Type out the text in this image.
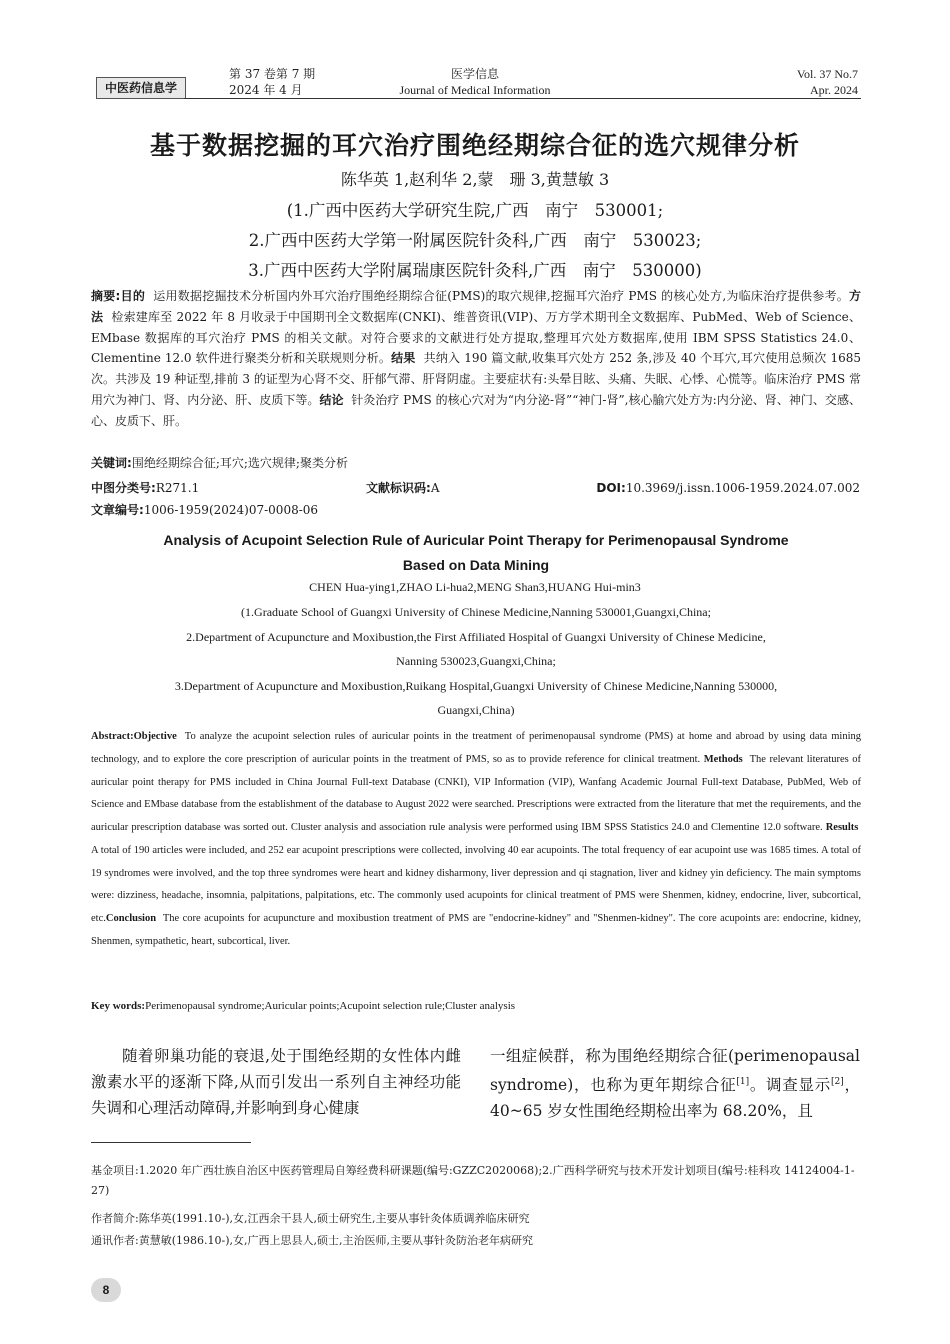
中医药信息学
第 37 卷第 7 期
2024 年 4 月
医学信息
Journal of Medical Information
Vol. 37 No.7
Apr. 2024
基于数据挖掘的耳穴治疗围绝经期综合征的选穴规律分析
陈华英 1,赵利华 2,蒙　珊 3,黄慧敏 3
(1.广西中医药大学研究生院,广西　南宁　530001;
2.广西中医药大学第一附属医院针灸科,广西　南宁　530023;
3.广西中医药大学附属瑞康医院针灸科,广西　南宁　530000)
摘要:目的 运用数据挖掘技术分析国内外耳穴治疗围绝经期综合征(PMS)的取穴规律,挖掘耳穴治疗 PMS 的核心处方,为临床治疗提供参考。方法 检索建库至 2022 年 8 月收录于中国期刊全文数据库(CNKI)、维普资讯(VIP)、万方学术期刊全文数据库、PubMed、Web of Science、EMbase 数据库的耳穴治疗 PMS 的相关文献。对符合要求的文献进行处方提取,整理耳穴处方数据库,使用 IBM SPSS Statistics 24.0、Clementine 12.0 软件进行聚类分析和关联规则分析。结果 共纳入 190 篇文献,收集耳穴处方 252 条,涉及 40 个耳穴,耳穴使用总频次 1685 次。共涉及 19 种证型,排前 3 的证型为心肾不交、肝郁气滞、肝肾阴虚。主要症状有:头晕目眩、头痛、失眠、心悸、心慌等。临床治疗 PMS 常用穴为神门、肾、内分泌、肝、皮质下等。结论 针灸治疗 PMS 的核心穴对为“内分泌-肾”“神门-肾”,核心腧穴处方为:内分泌、肾、神门、交感、心、皮质下、肝。
关键词:围绝经期综合征;耳穴;选穴规律;聚类分析
中图分类号:R271.1	文献标识码:A	DOI:10.3969/j.issn.1006-1959.2024.07.002
文章编号:1006-1959(2024)07-0008-06
Analysis of Acupoint Selection Rule of Auricular Point Therapy for Perimenopausal Syndrome
Based on Data Mining
CHEN Hua-ying1,ZHAO Li-hua2,MENG Shan3,HUANG Hui-min3
(1.Graduate School of Guangxi University of Chinese Medicine,Nanning 530001,Guangxi,China;
2.Department of Acupuncture and Moxibustion,the First Affiliated Hospital of Guangxi University of Chinese Medicine,
Nanning 530023,Guangxi,China;
3.Department of Acupuncture and Moxibustion,Ruikang Hospital,Guangxi University of Chinese Medicine,Nanning 530000,
Guangxi,China)
Abstract:Objective To analyze the acupoint selection rules of auricular points in the treatment of perimenopausal syndrome (PMS) at home and abroad by using data mining technology, and to explore the core prescription of auricular points in the treatment of PMS, so as to provide reference for clinical treatment. Methods The relevant literatures of auricular point therapy for PMS included in China Journal Full-text Database (CNKI), VIP Information (VIP), Wanfang Academic Journal Full-text Database, PubMed, Web of Science and EMbase database from the establishment of the database to August 2022 were searched. Prescriptions were extracted from the literature that met the requirements, and the auricular prescription database was sorted out. Cluster analysis and association rule analysis were performed using IBM SPSS Statistics 24.0 and Clementine 12.0 software. Results  A total of 190 articles were included, and 252 ear acupoint prescriptions were collected, involving 40 ear acupoints. The total frequency of ear acupoint use was 1685 times. A total of 19 syndromes were involved, and the top three syndromes were heart and kidney disharmony, liver depression and qi stagnation, liver and kidney yin deficiency. The main symptoms were: dizziness, headache, insomnia, palpitations, palpitations, etc. The commonly used acupoints for clinical treatment of PMS were Shenmen, kidney, endocrine, liver, subcortical, etc.Conclusion The core acupoints for acupuncture and moxibustion treatment of PMS are "endocrine-kidney" and "Shenmen-kidney". The core acupoints are: endocrine, kidney, Shenmen, sympathetic, heart, subcortical, liver.
Key words:Perimenopausal syndrome;Auricular points;Acupoint selection rule;Cluster analysis
随着卵巢功能的衰退,处于围绝经期的女性体内雌激素水平的逐渐下降,从而引发出一系列自主神经功能失调和心理活动障碍,并影响到身心健康
一组症候群，称为围绝经期综合征(perimenopausal syndrome)，也称为更年期综合征[1]。调查显示[2]，40~65 岁女性围绝经期检出率为 68.20%，且
基金项目:1.2020 年广西壮族自治区中医药管理局自筹经费科研课题(编号:GZZC2020068);2.广西科学研究与技术开发计划项目(编号:桂科攻 14124004-1-27)
作者简介:陈华英(1991.10-),女,江西余干县人,硕士研究生,主要从事针灸体质调养临床研究
通讯作者:黄慧敏(1986.10-),女,广西上思县人,硕士,主治医师,主要从事针灸防治老年病研究
8
